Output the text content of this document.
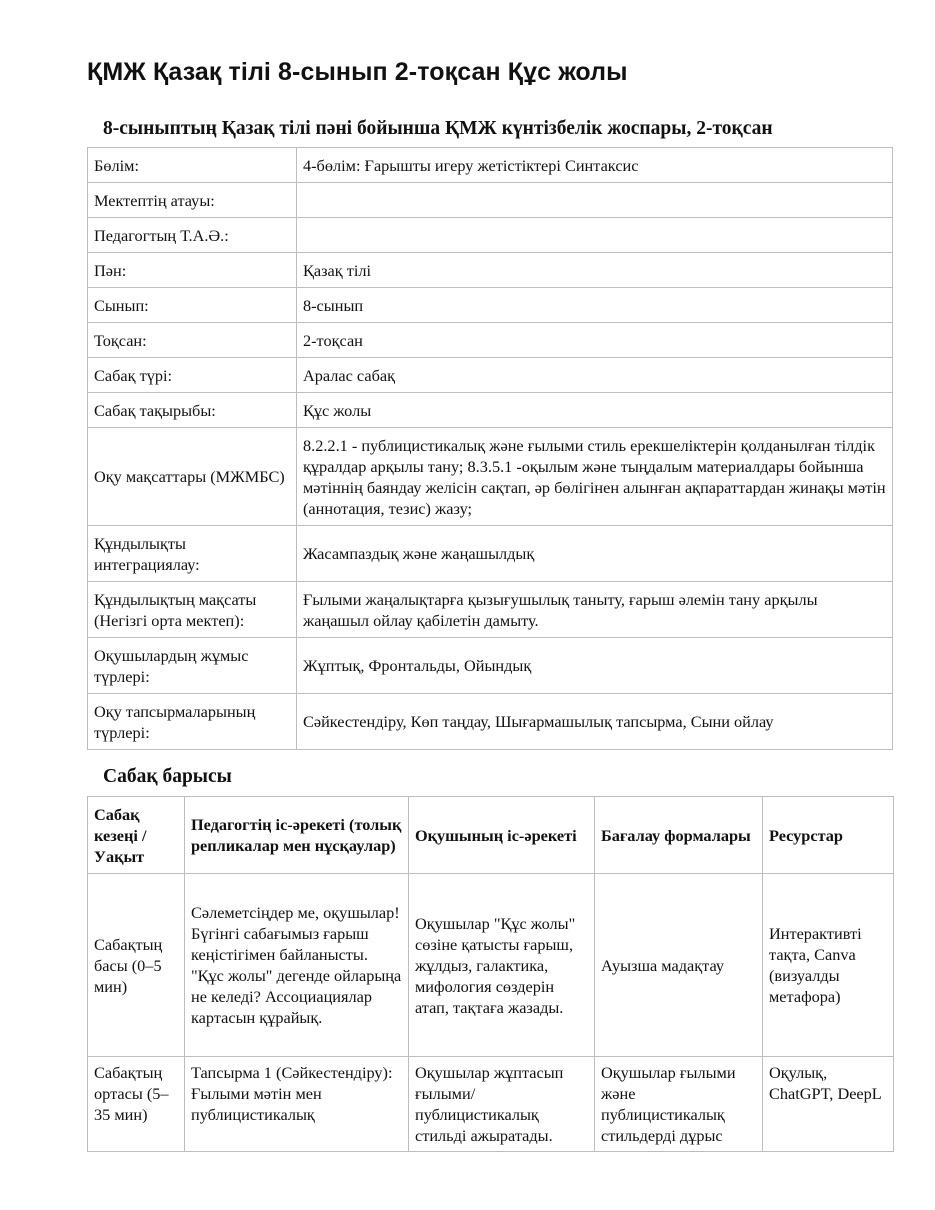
ҚМЖ Қазақ тілі 8-сынып 2-тоқсан Құс жолы
8-сыныптың Қазақ тілі пәні бойынша ҚМЖ күнтізбелік жоспары, 2-тоқсан
Бөлім:	4-бөлім: Ғарышты игеру жетістіктері Синтаксис
Мектептің атауы:	
Педагогтың Т.А.Ә.:	
Пән:	Қазақ тілі
Сынып:	8-сынып
Тоқсан:	2-тоқсан
Сабақ түрі:	Аралас сабақ
Сабақ тақырыбы:	Құс жолы
Оқу мақсаттары (МЖМБС)	8.2.2.1 - публицистикалық және ғылыми стиль ерекшеліктерін қолданылған тілдік құралдар арқылы тану; 8.3.5.1 -оқылым және тыңдалым материалдары бойынша мәтіннің баяндау желісін сақтап, әр бөлігінен алынған ақпараттардан жинақы мәтін (аннотация, тезис) жазу;
Құндылықты интеграциялау:	Жасампаздық және жаңашылдық
Құндылықтың мақсаты (Негізгі орта мектеп):	Ғылыми жаңалықтарға қызығушылық таныту, ғарыш әлемін тану арқылы жаңашыл ойлау қабілетін дамыту.
Оқушылардың жұмыс түрлері:	Жұптық, Фронтальды, Ойындық
Оқу тапсырмаларының түрлері:	Сәйкестендіру, Көп таңдау, Шығармашылық тапсырма, Сыни ойлау
Сабақ барысы
Сабақ кезеңі / Уақыт	Педагогтің іс-әрекеті (толық репликалар мен нұсқаулар)	Оқушының іс-әрекеті	Бағалау формалары	Ресурстар
Сабақтың басы (0–5 мин)	Сәлеметсіңдер ме, оқушылар! Бүгінгі сабағымыз ғарыш кеңістігімен байланысты. "Құс жолы" дегенде ойларыңа не келеді? Ассоциациялар картасын құрайық.	Оқушылар "Құс жолы" сөзіне қатысты ғарыш, жұлдыз, галактика, мифология сөздерін атап, тақтаға жазады.	Ауызша мадақтау	Интерактивті тақта, Canva (визуалды метафора)

Сабақтың ортасы (5–35 мин)	Тапсырма 1 (Сәйкестендіру): Ғылыми мәтін мен публицистикалық	Оқушылар жұптасып ғылыми/публицистикалық стильді ажыратады.	Оқушылар ғылыми және публицистикалық стильдерді дұрыс	Оқулық, ChatGPT, DeepL
